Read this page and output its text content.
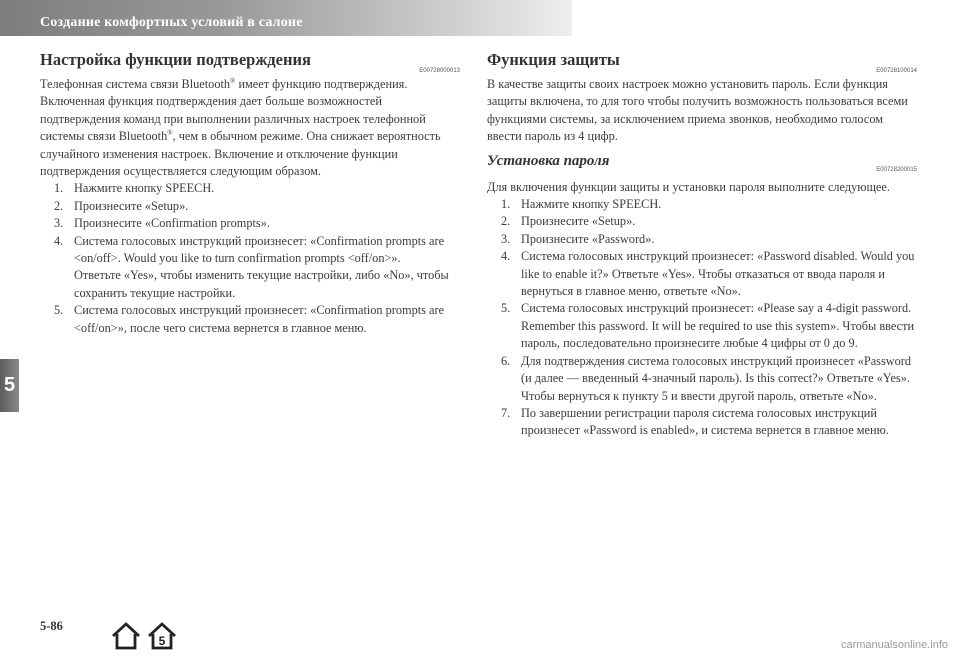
Создание комфортных условий в салоне
Настройка функции подтверждения
E00728000013

Телефонная система связи Bluetooth® имеет функцию подтверждения.

Включенная функция подтверждения дает больше возможностей подтверждения команд при выполнении различных настроек телефонной системы связи Bluetooth®, чем в обычном режиме. Она снижает вероятность случайного изменения настроек. Включение и отключение функции подтверждения осуществляется следующим образом.

1. Нажмите кнопку SPEECH.
2. Произнесите «Setup».
3. Произнесите «Confirmation prompts».
4. Система голосовых инструкций произнесет: «Confirmation prompts are <on/off>. Would you like to turn confirmation prompts <off/on>».
Ответьте «Yes», чтобы изменить текущие настройки, либо «No», чтобы сохранить текущие настройки.
5. Система голосовых инструкций произнесет: «Confirmation prompts are <off/on>», после чего система вернется в главное меню.
Функция защиты
E00728100014

В качестве защиты своих настроек можно установить пароль. Если функция защиты включена, то для того чтобы получить возможность пользоваться всеми функциями системы, за исключением приема звонков, необходимо голосом ввести пароль из 4 цифр.

Установка пароля
E00728200015

Для включения функции защиты и установки пароля выполните следующее.

1. Нажмите кнопку SPEECH.
2. Произнесите «Setup».
3. Произнесите «Password».
4. Система голосовых инструкций произнесет: «Password disabled. Would you like to enable it?» Ответьте «Yes». Чтобы отказаться от ввода пароля и вернуться в главное меню, ответьте «No».
5. Система голосовых инструкций произнесет: «Please say a 4-digit password. Remember this password. It will be required to use this system». Чтобы ввести пароль, последовательно произнесите любые 4 цифры от 0 до 9.
6. Для подтверждения система голосовых инструкций произнесет «Password (и далее — введенный 4-значный пароль). Is this correct?» Ответьте «Yes». Чтобы вернуться к пункту 5 и ввести другой пароль, ответьте «No».
7. По завершении регистрации пароля система голосовых инструкций произнесет «Password is enabled», и система вернется в главное меню.
5
5-86
5	carmanualsonline.info
